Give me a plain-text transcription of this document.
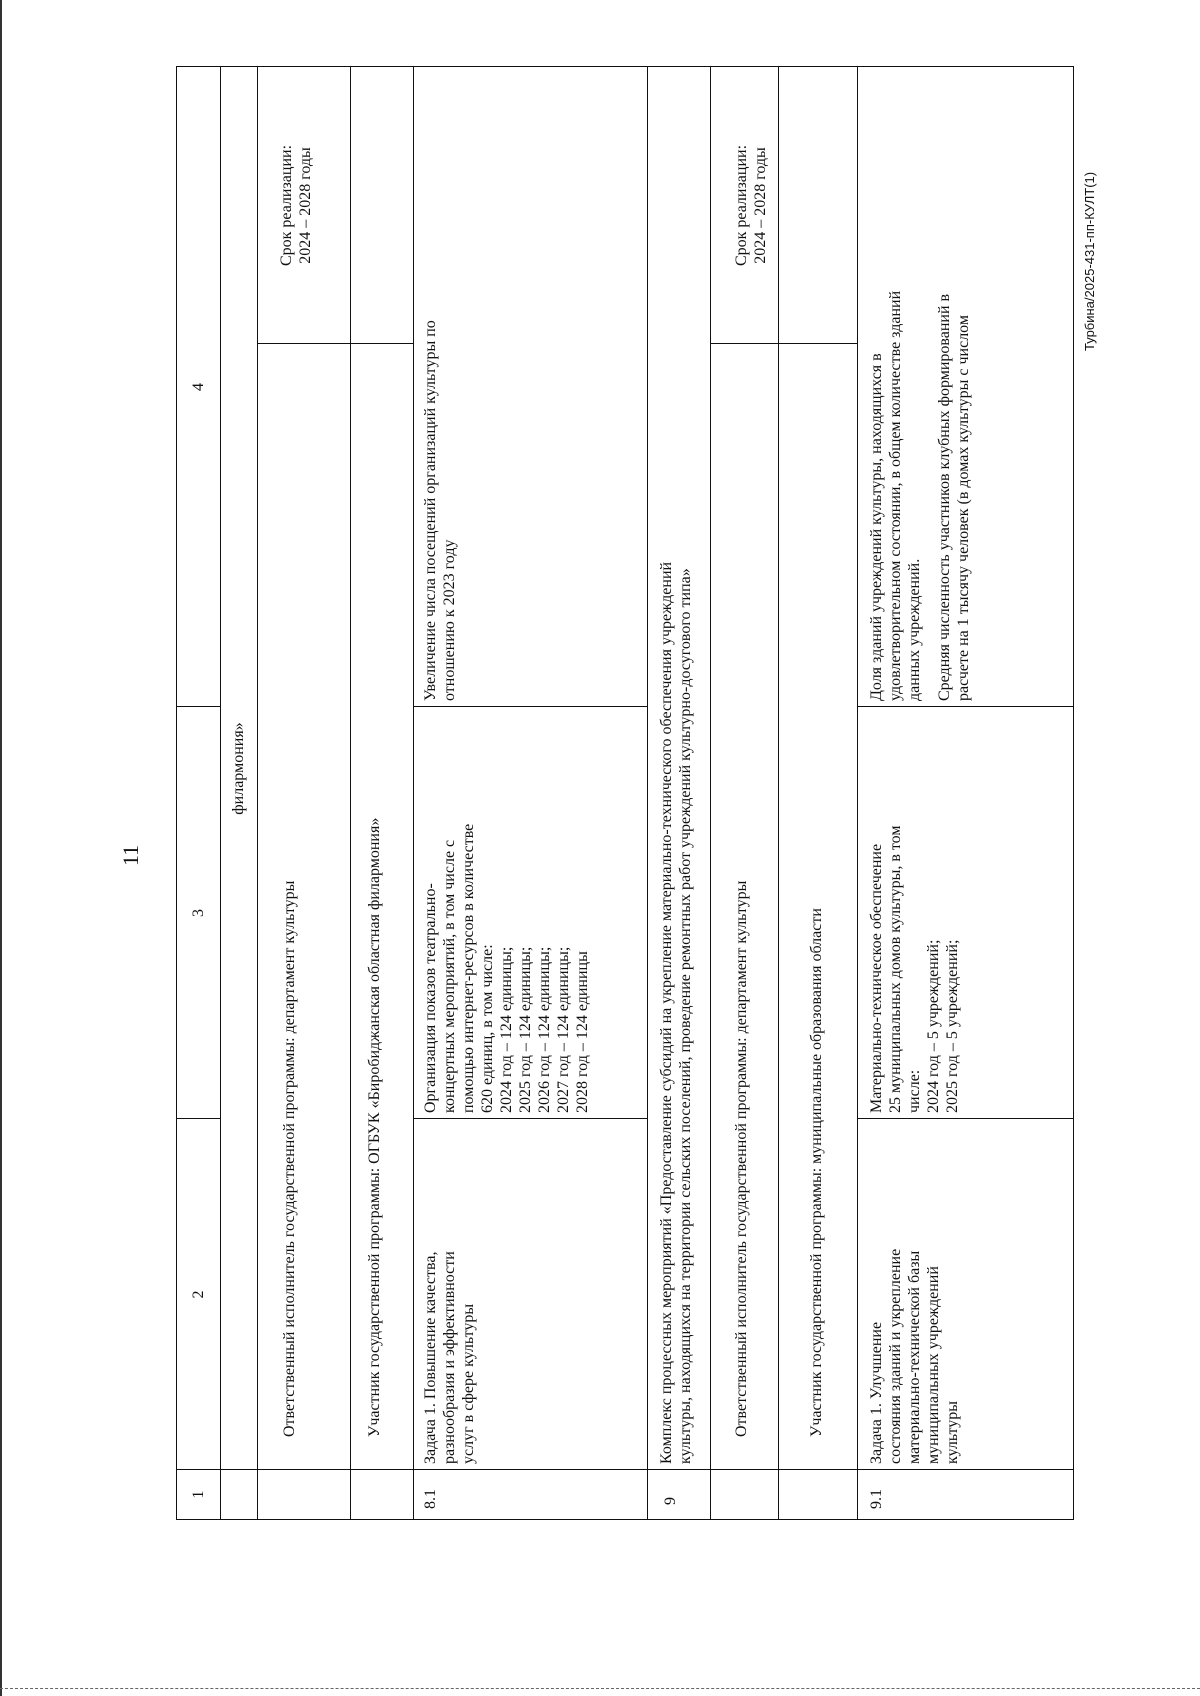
11
1
2
3
4
филармония»
Ответственный исполнитель государственной программы: департамент культуры	Участник государственной программы: ОГБУК «Биробиджанская областная филармония»
Срок реализации: 2024 – 2028 годы
8.1
Задача 1. Повышение качества, разнообразия и эффективности услуг в сфере культуры
Организация показов театрально- концертных мероприятий, в том числе с помощью интернет-ресурсов в количестве 620 единиц, в том числе: 2024 год – 124 единицы; 2025 год – 124 единицы; 2026 год – 124 единицы; 2027 год – 124 единицы; 2028 год – 124 единицы
Увеличение числа посещений организаций культуры по отношению к 2023 году
9
Комплекс процессных мероприятий «Предоставление субсидий на укрепление материально-технического обеспечения учреждений культуры, находящихся на территории сельских поселений, проведение ремонтных работ учреждений культурно-досугового типа» Ответственный исполнитель государственной программы: департамент культуры	Участник государственной программы: муниципальные образования области
Срок реализации: 2024 – 2028 годы
9.1
Задача 1. Улучшение состояния зданий и укрепление материально-технической базы муниципальных учреждений культуры
Материально-техническое обеспечение 25 муниципальных домов культуры, в том числе: 2024 год – 5 учреждений; 2025 год – 5 учреждений;
Доля зданий учреждений культуры, находящихся в удовлетворительном состоянии, в общем количестве зданий данных учреждений. Средняя численность участников клубных формирований в расчете на 1 тысячу человек (в домах культуры с числом
Турбина/2025-431-пп-КУЛТ(1)
